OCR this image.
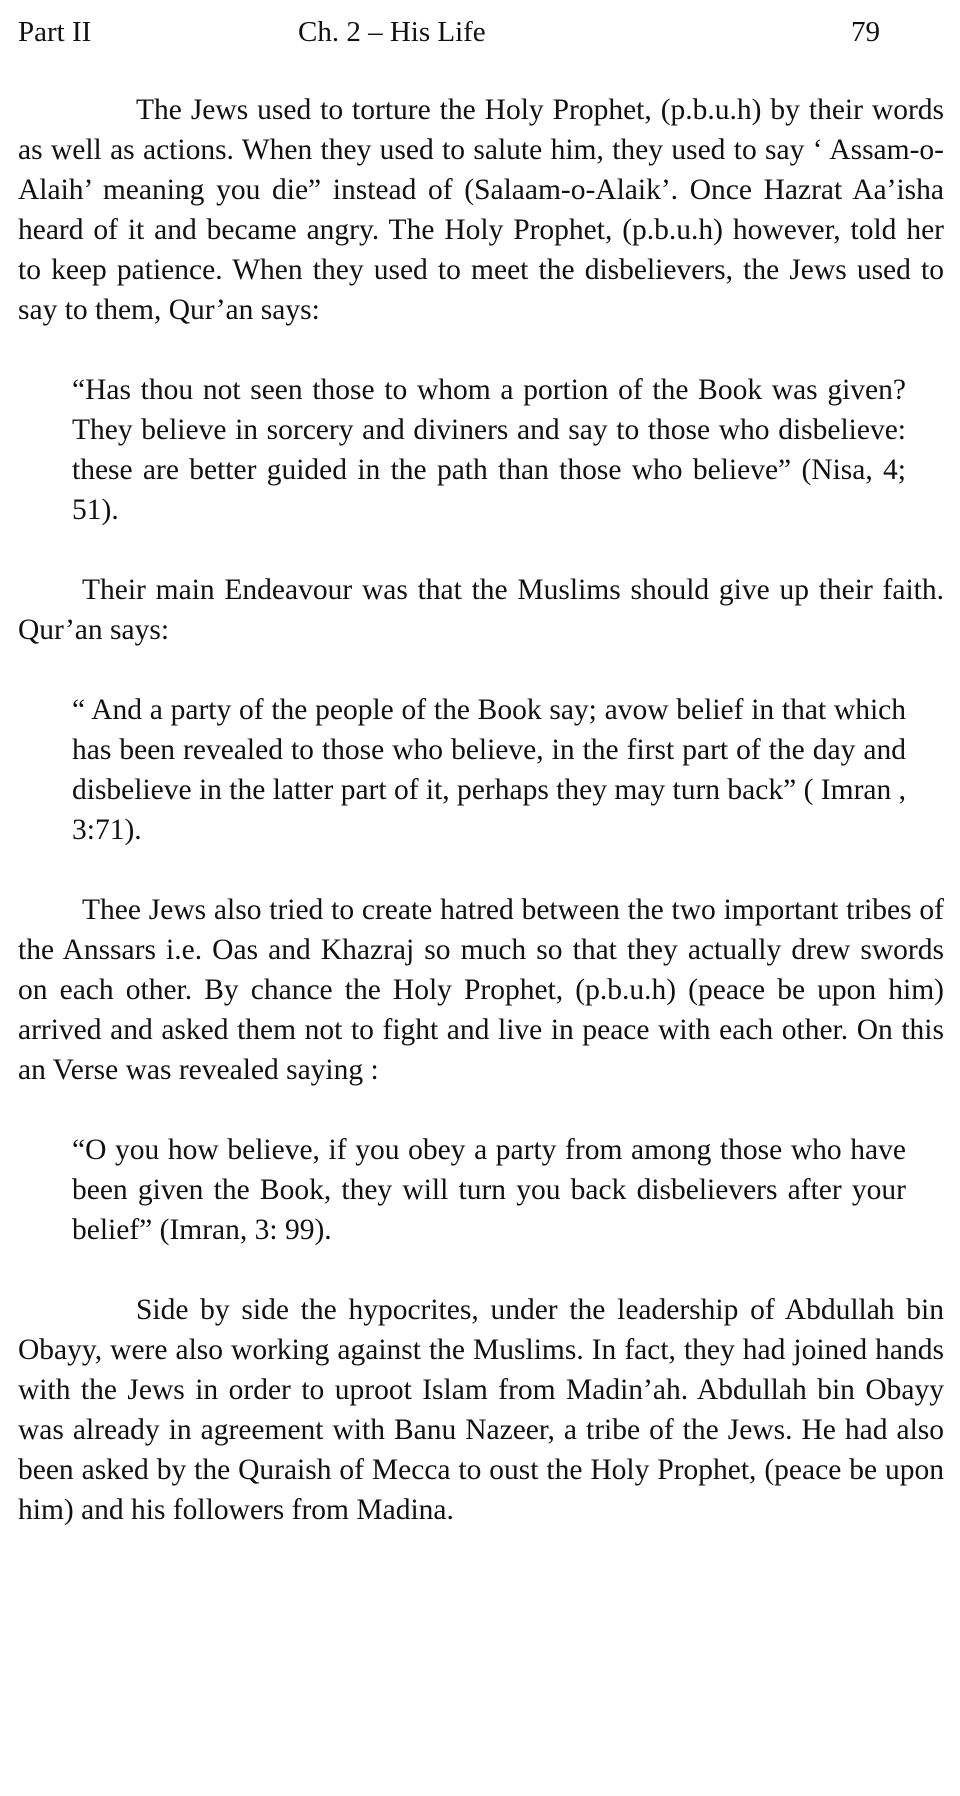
Part II	Ch. 2 – His Life	79

The Jews used to torture the Holy Prophet, (p.b.u.h) by their words as well as actions. When they used to salute him, they used to say ‘ Assam-o-Alaih’ meaning you die” instead of (Salaam-o-Alaik’. Once Hazrat Aa’isha heard of it and became angry. The Holy Prophet, (p.b.u.h) however, told her to keep patience. When they used to meet the disbelievers, the Jews used to say to them, Qur’an says:

“Has thou not seen those to whom a portion of the Book was given? They believe in sorcery and diviners and say to those who disbelieve: these are better guided in the path than those who believe” (Nisa, 4; 51).

Their main Endeavour was that the Muslims should give up their faith. Qur’an says:

“ And a party of the people of the Book say; avow belief in that which has been revealed to those who believe, in the first part of the day and disbelieve in the latter part of it, perhaps they may turn back” ( Imran , 3:71).

Thee Jews also tried to create hatred between the two important tribes of the Anssars i.e. Oas and Khazraj so much so that they actually drew swords on each other. By chance the Holy Prophet, (p.b.u.h) (peace be upon him) arrived and asked them not to fight and live in peace with each other. On this an Verse was revealed saying :

“O you how believe, if you obey a party from among those who have been given the Book, they will turn you back disbelievers after your belief” (Imran, 3: 99).

Side by side the hypocrites, under the leadership of Abdullah bin Obayy, were also working against the Muslims. In fact, they had joined hands with the Jews in order to uproot Islam from Madin’ah. Abdullah bin Obayy was already in agreement with Banu Nazeer, a tribe of the Jews. He had also been asked by the Quraish of Mecca to oust the Holy Prophet, (peace be upon him) and his followers from Madina.
